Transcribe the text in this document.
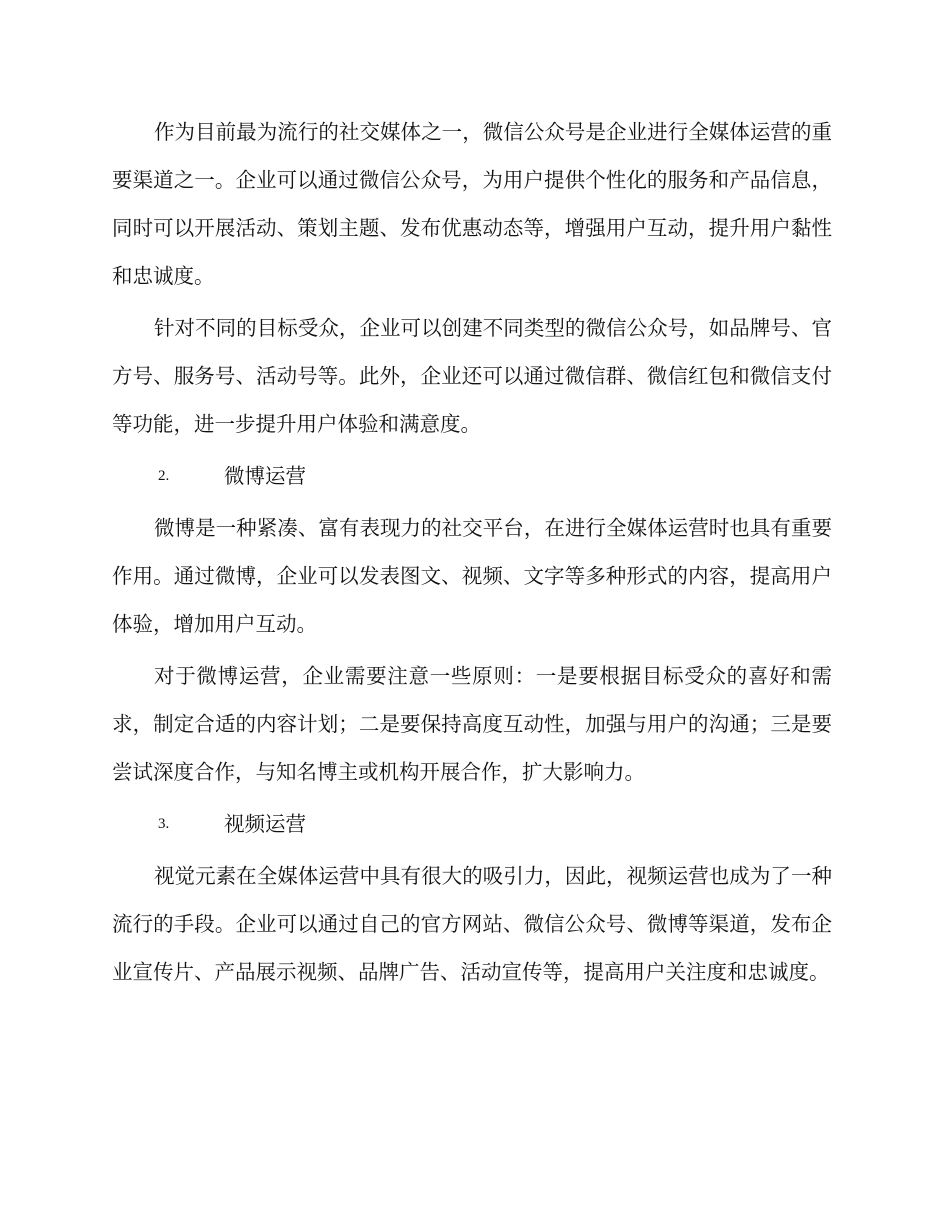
作为目前最为流行的社交媒体之一，微信公众号是企业进行全媒体运营的重要渠道之一。企业可以通过微信公众号，为用户提供个性化的服务和产品信息，同时可以开展活动、策划主题、发布优惠动态等，增强用户互动，提升用户黏性和忠诚度。

针对不同的目标受众，企业可以创建不同类型的微信公众号，如品牌号、官方号、服务号、活动号等。此外，企业还可以通过微信群、微信红包和微信支付等功能，进一步提升用户体验和满意度。

2.	微博运营

微博是一种紧凑、富有表现力的社交平台，在进行全媒体运营时也具有重要作用。通过微博，企业可以发表图文、视频、文字等多种形式的内容，提高用户体验，增加用户互动。

对于微博运营，企业需要注意一些原则：一是要根据目标受众的喜好和需求，制定合适的内容计划；二是要保持高度互动性，加强与用户的沟通；三是要尝试深度合作，与知名博主或机构开展合作，扩大影响力。

3.	视频运营

视觉元素在全媒体运营中具有很大的吸引力，因此，视频运营也成为了一种流行的手段。企业可以通过自己的官方网站、微信公众号、微博等渠道，发布企业宣传片、产品展示视频、品牌广告、活动宣传等，提高用户关注度和忠诚度。
